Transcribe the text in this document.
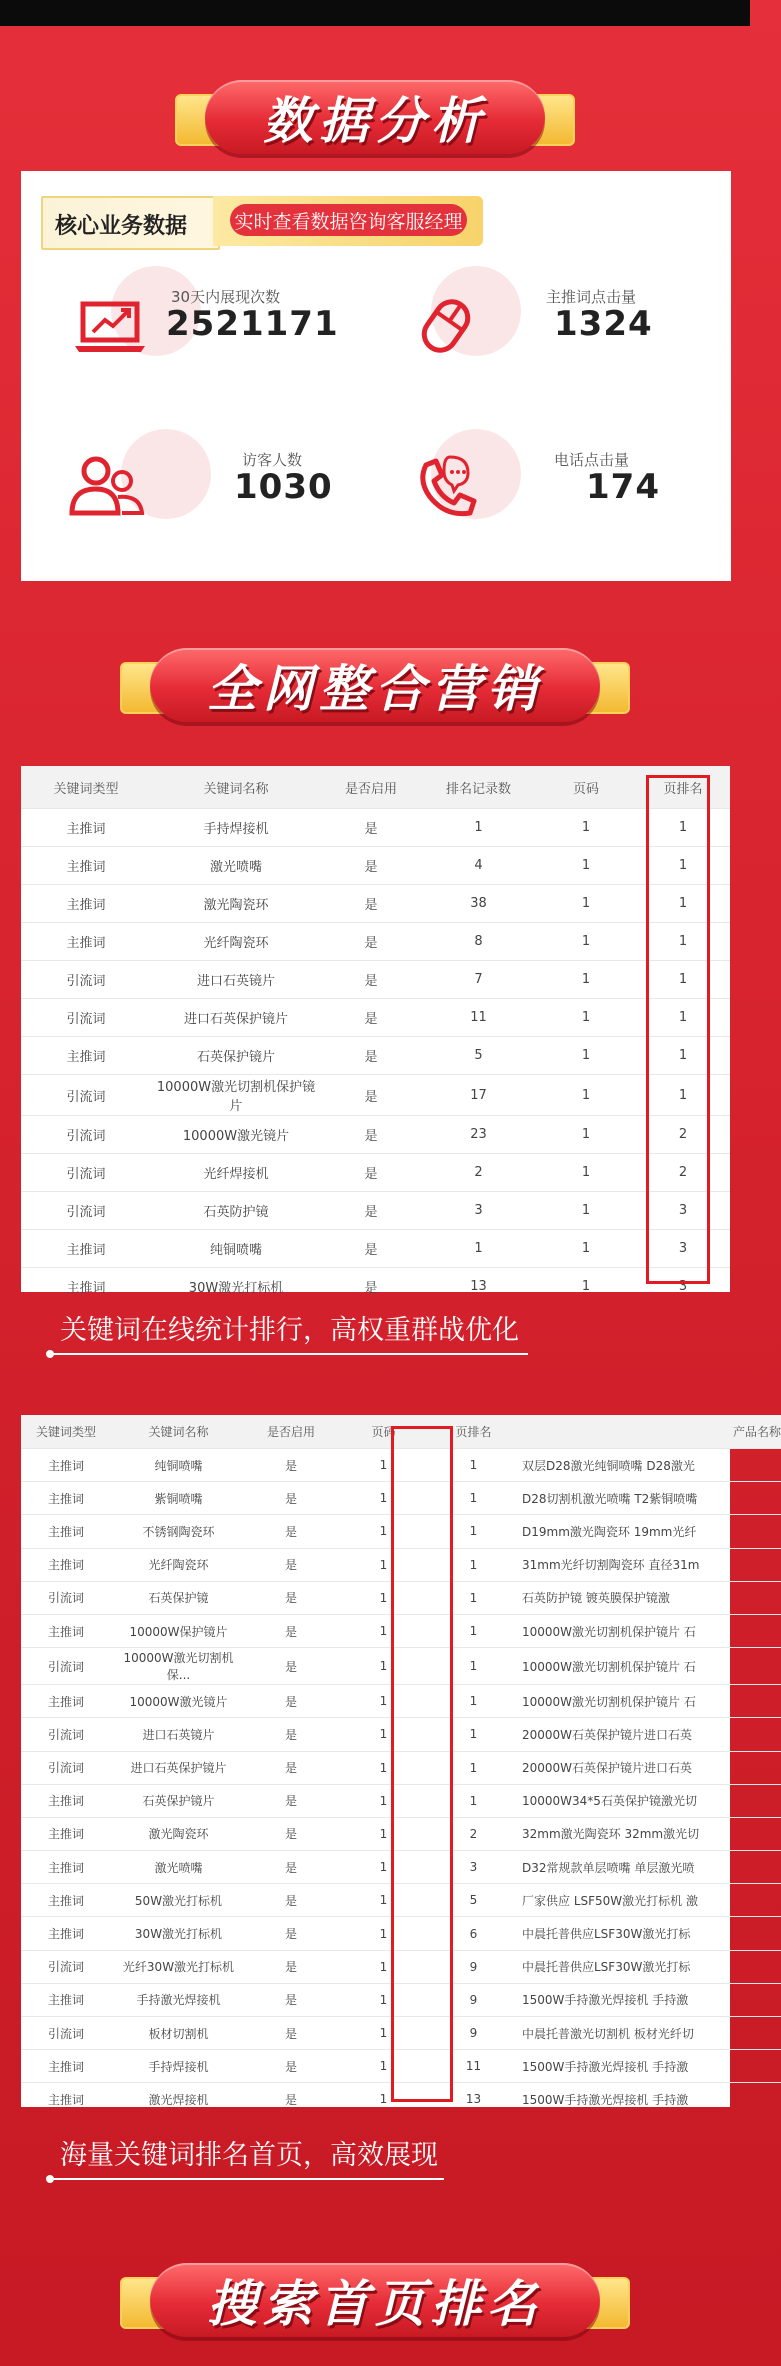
数据分析
核心业务数据 实时查看数据咨询客服经理
30天内展现次数
2521171
主推词点击量
1324
访客人数
1030
电话点击量
174
全网整合营销
关键词类型	关键词名称	是否启用	排名记录数	页码	页排名
主推词	手持焊接机	是	1	1	1
主推词	激光喷嘴	是	4	1	1
主推词	激光陶瓷环	是	38	1	1
主推词	光纤陶瓷环	是	8	1	1
引流词	进口石英镜片	是	7	1	1
引流词	进口石英保护镜片	是	11	1	1
主推词	石英保护镜片	是	5	1	1
引流词	10000W激光切割机保护镜片	是	17	1	1
引流词	10000W激光镜片	是	23	1	2
引流词	光纤焊接机	是	2	1	2
引流词	石英防护镜	是	3	1	3
主推词	纯铜喷嘴	是	1	1	3
主推词	30W激光打标机	是	13	1	3
关键词在线统计排行，高权重群战优化
关键词类型	关键词名称	是否启用	页码	页排名	产品名称
主推词	纯铜喷嘴	是	1	1	双层D28激光纯铜喷嘴 D28激光
主推词	紫铜喷嘴	是	1	1	D28切割机激光喷嘴 T2紫铜喷嘴
主推词	不锈钢陶瓷环	是	1	1	D19mm激光陶瓷环 19mm光纤
主推词	光纤陶瓷环	是	1	1	31mm光纤切割陶瓷环 直径31m
引流词	石英保护镜	是	1	1	石英防护镜 镀英膜保护镜激
主推词	10000W保护镜片	是	1	1	10000W激光切割机保护镜片 石
引流词	10000W激光切割机保...	是	1	1	10000W激光切割机保护镜片 石
主推词	10000W激光镜片	是	1	1	10000W激光切割机保护镜片 石
引流词	进口石英镜片	是	1	1	20000W石英保护镜片进口石英
引流词	进口石英保护镜片	是	1	1	20000W石英保护镜片进口石英
主推词	石英保护镜片	是	1	1	10000W34*5石英保护镜激光切
主推词	激光陶瓷环	是	1	2	32mm激光陶瓷环 32mm激光切
主推词	激光喷嘴	是	1	3	D32常规款单层喷嘴 单层激光喷
主推词	50W激光打标机	是	1	5	厂家供应 LSF50W激光打标机 激
主推词	30W激光打标机	是	1	6	中晨托普供应LSF30W激光打标
引流词	光纤30W激光打标机	是	1	9	中晨托普供应LSF30W激光打标
主推词	手持激光焊接机	是	1	9	1500W手持激光焊接机 手持激
引流词	板材切割机	是	1	9	中晨托普激光切割机 板材光纤切
主推词	手持焊接机	是	1	11	1500W手持激光焊接机 手持激
主推词	激光焊接机	是	1	13	1500W手持激光焊接机 手持激
海量关键词排名首页，高效展现
搜索首页排名
